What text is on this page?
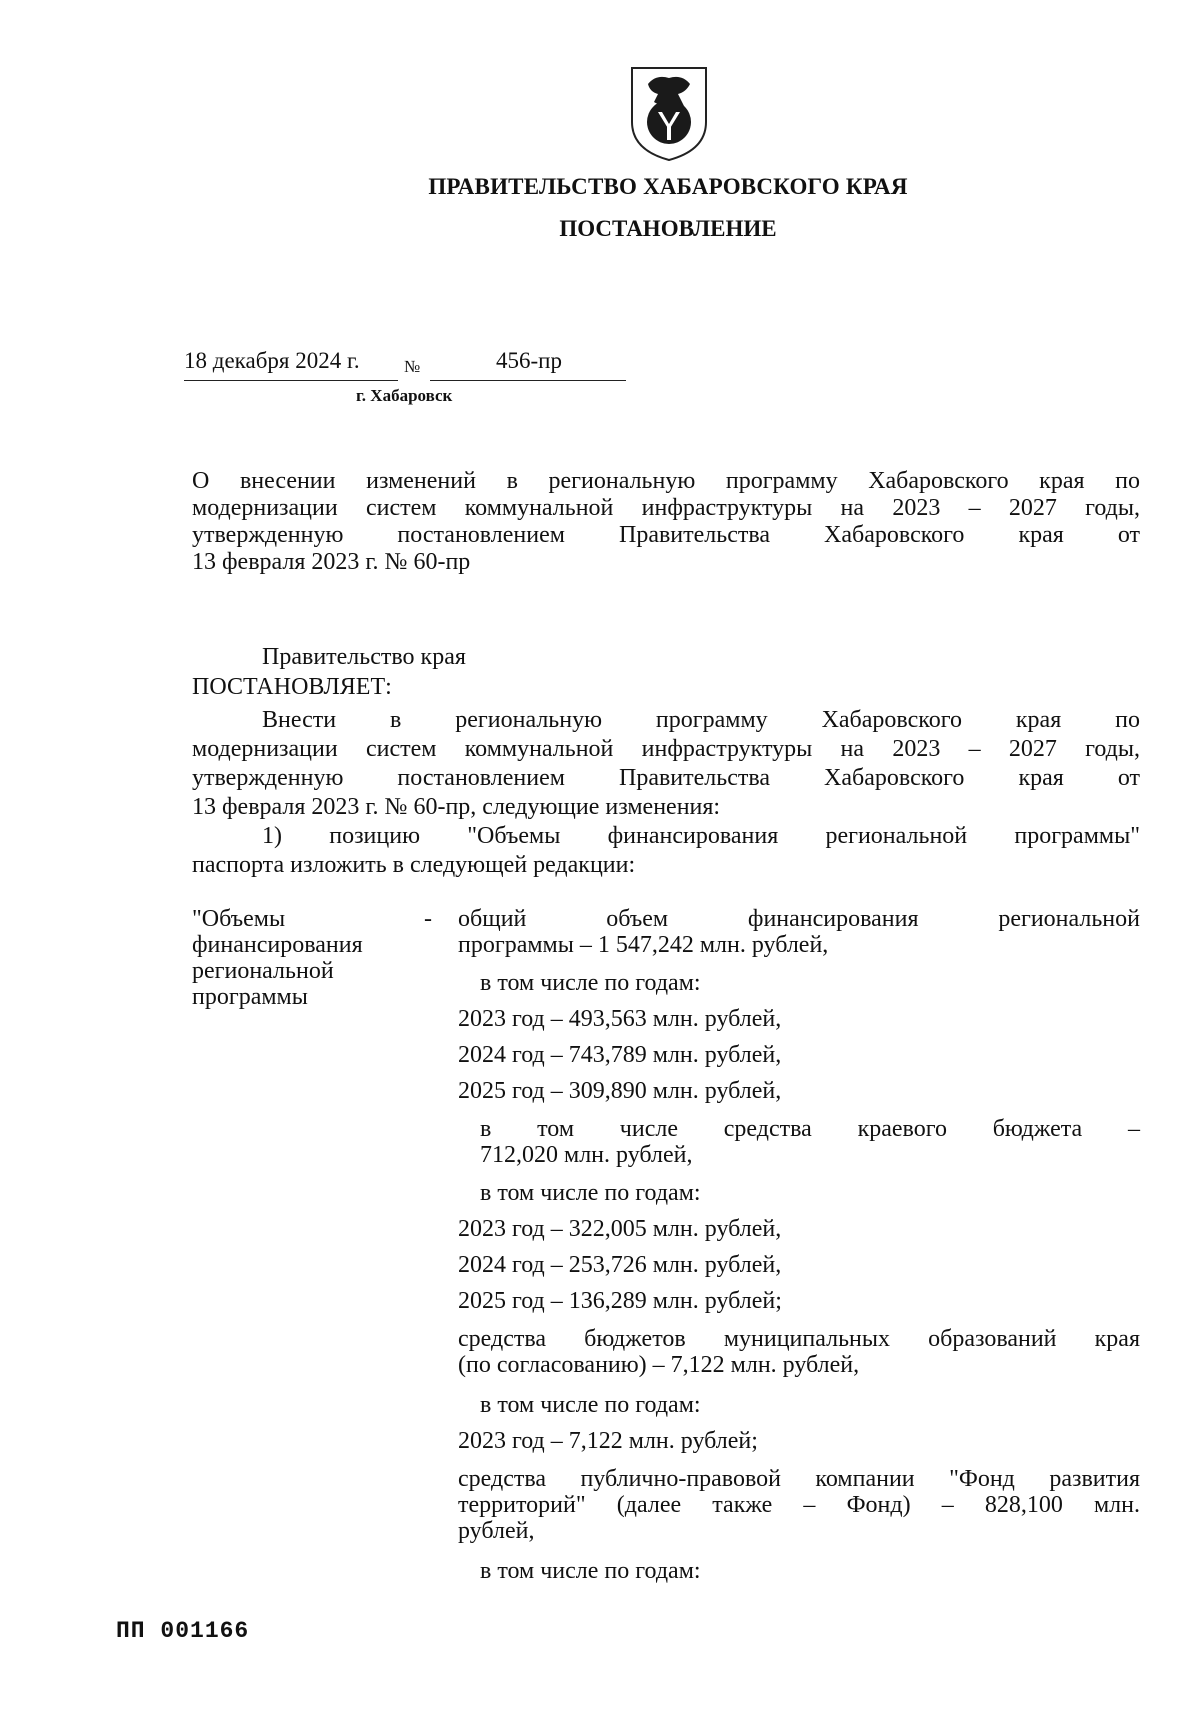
ПРАВИТЕЛЬСТВО ХАБАРОВСКОГО КРАЯ
ПОСТАНОВЛЕНИЕ
18 декабря 2024 г.	№	456-пр
г. Хабаровск
О внесении изменений в региональную программу Хабаровского края по
модернизации систем коммунальной инфраструктуры на 2023 – 2027 годы,
утвержденную постановлением Правительства Хабаровского края от
13 февраля 2023 г. № 60-пр
Правительство края
ПОСТАНОВЛЯЕТ:
Внести в региональную программу Хабаровского края по
модернизации систем коммунальной инфраструктуры на 2023 – 2027 годы,
утвержденную постановлением Правительства Хабаровского края от
13 февраля 2023 г. № 60-пр, следующие изменения:
1) позицию "Объемы финансирования региональной программы"
паспорта изложить в следующей редакции:
"Объемы финансирования региональной программы
- общий объем финансирования региональной
программы – 1 547,242 млн. рублей,
в том числе по годам:
2023 год – 493,563 млн. рублей,
2024 год – 743,789 млн. рублей,
2025 год – 309,890 млн. рублей,
в том числе средства краевого бюджета –
712,020 млн. рублей,
в том числе по годам:
2023 год – 322,005 млн. рублей,
2024 год – 253,726 млн. рублей,
2025 год – 136,289 млн. рублей;
средства бюджетов муниципальных образований края
(по согласованию) – 7,122 млн. рублей,
в том числе по годам:
2023 год – 7,122 млн. рублей;
средства публично-правовой компании "Фонд развития
территорий" (далее также – Фонд) – 828,100 млн.
рублей,
в том числе по годам:
ПП 001166
